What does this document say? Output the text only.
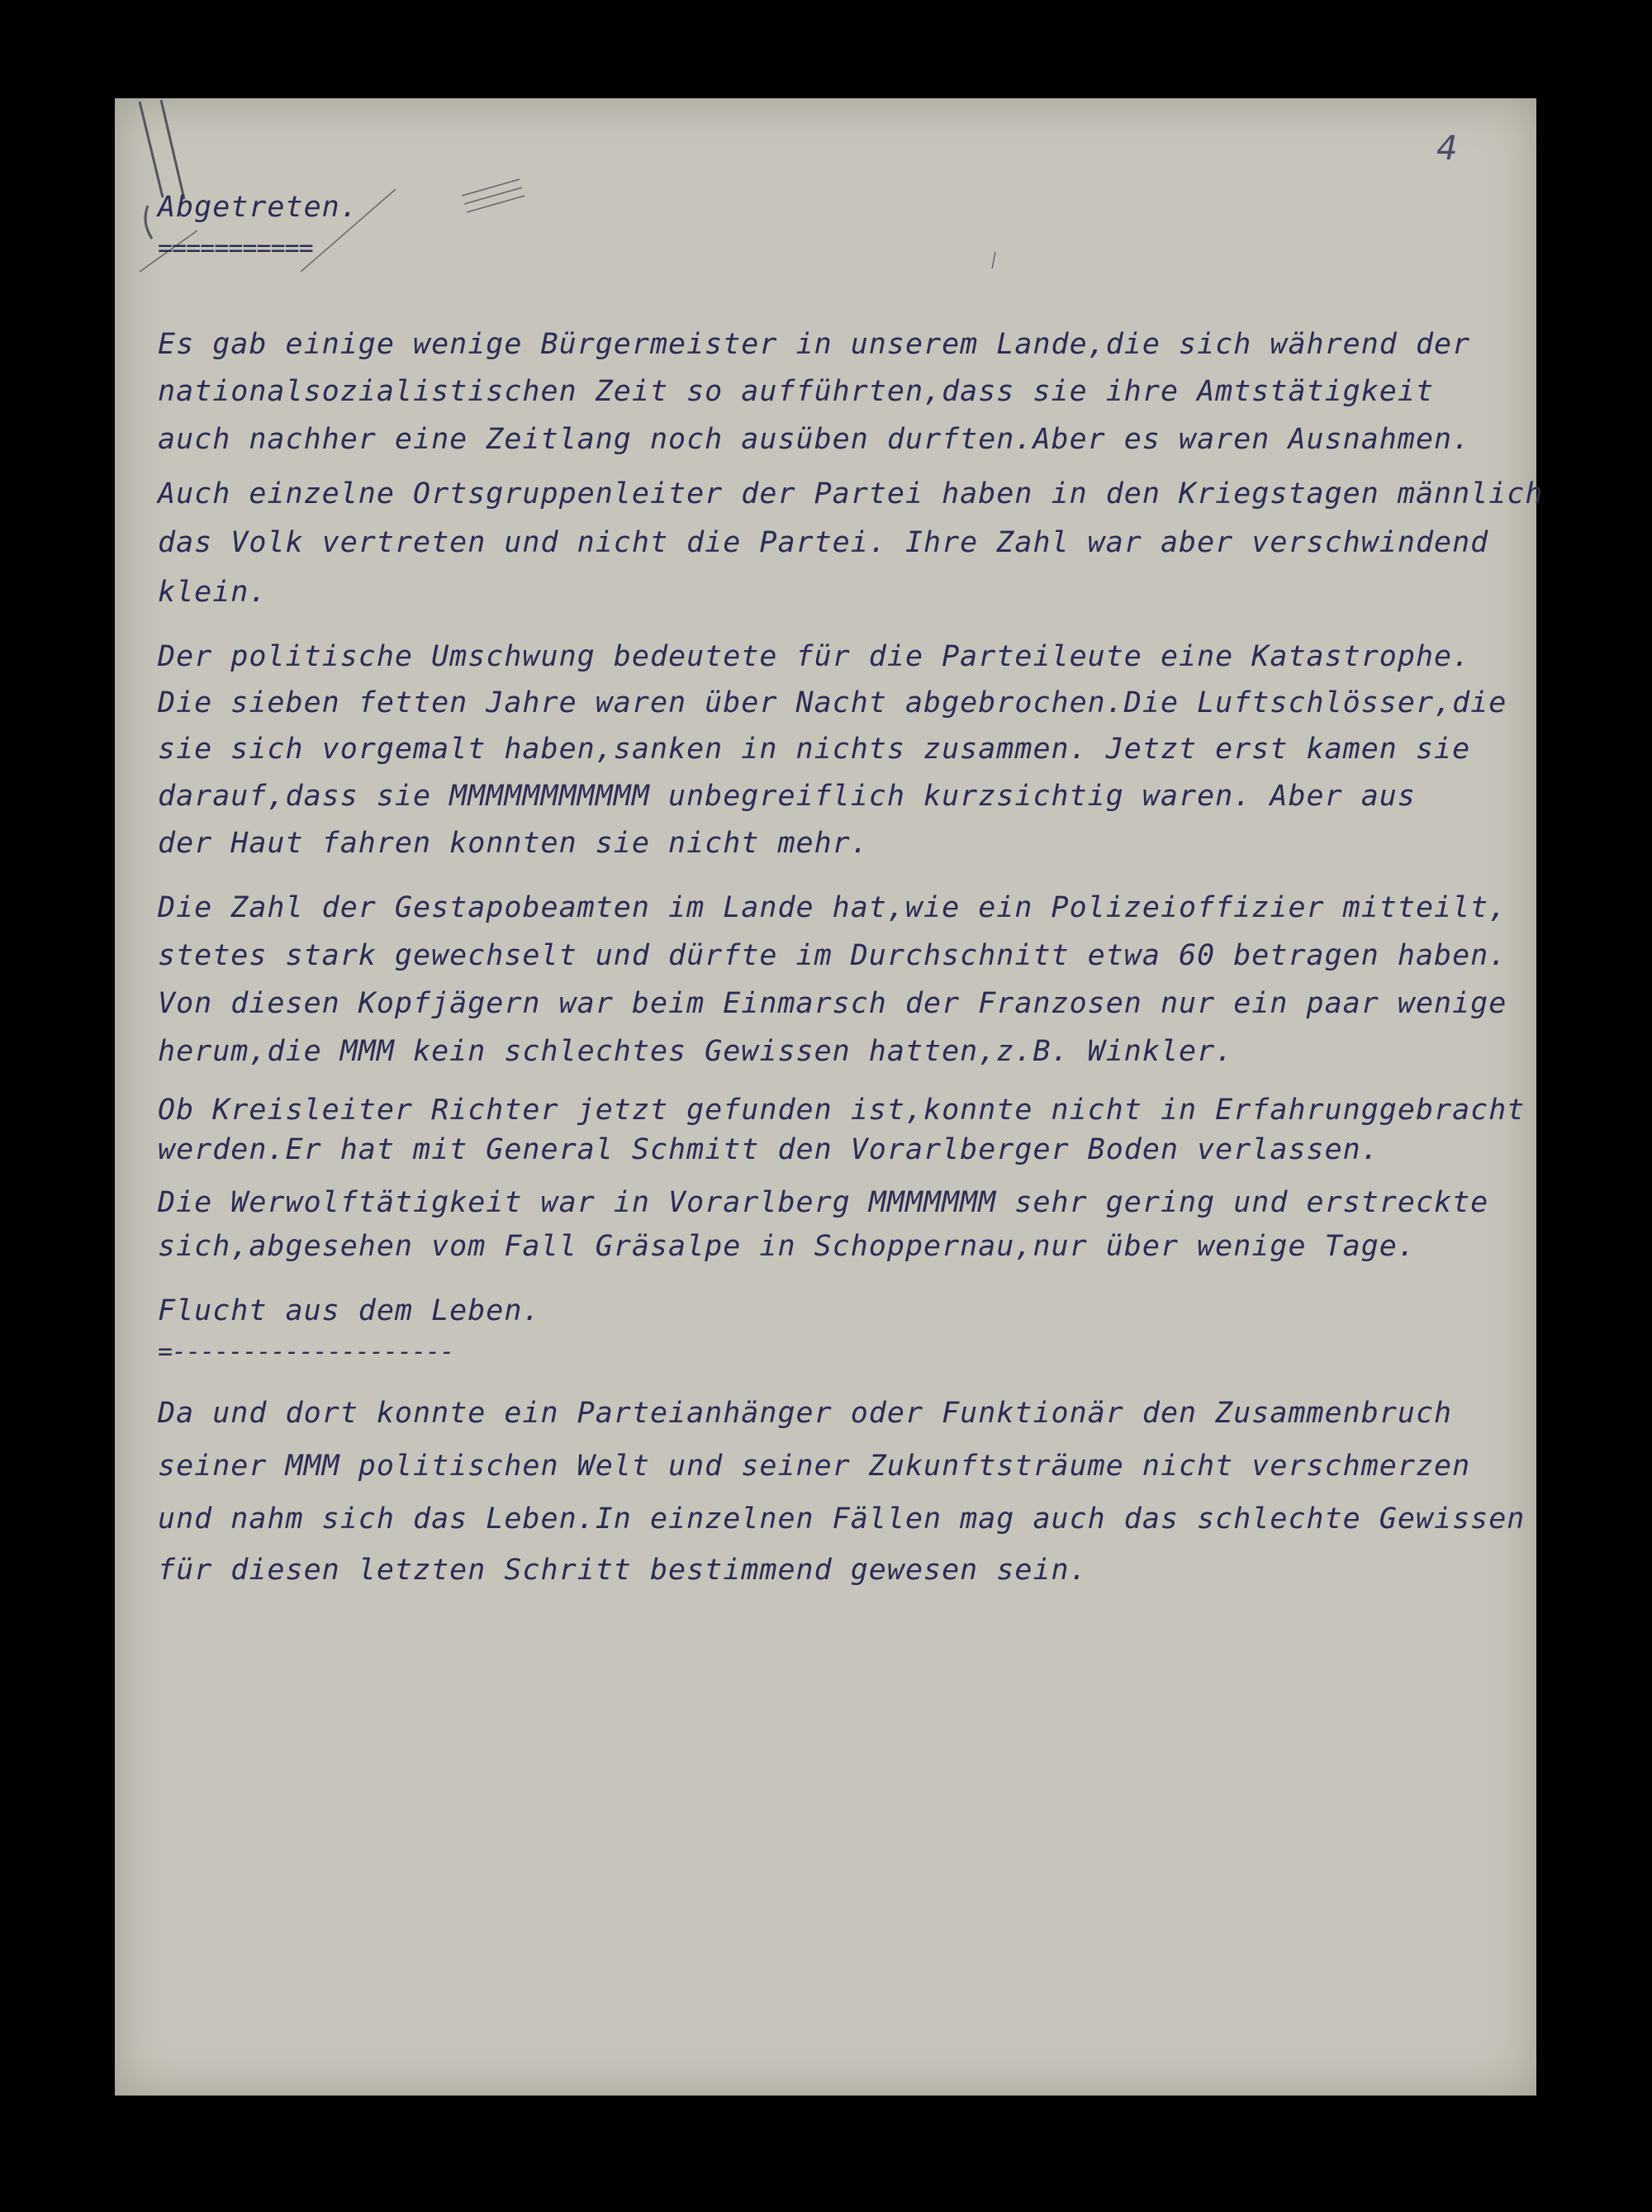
4
Abgetreten.
===========
Es gab einige wenige Bürgermeister in unserem Lande,die sich während der
nationalsozialistischen Zeit so aufführten,dass sie ihre Amtstätigkeit
auch nachher eine Zeitlang noch ausüben durften.Aber es waren Ausnahmen.
Auch einzelne Ortsgruppenleiter der Partei haben in den Kriegstagen männlich
das Volk vertreten und nicht die Partei. Ihre Zahl war aber verschwindend
klein.
Der politische Umschwung bedeutete für die Parteileute eine Katastrophe.
Die sieben fetten Jahre waren über Nacht abgebrochen.Die Luftschlösser,die
sie sich vorgemalt haben,sanken in nichts zusammen. Jetzt erst kamen sie
darauf,dass sie MMMMMMMMMMM unbegreiflich kurzsichtig waren. Aber aus
der Haut fahren konnten sie nicht mehr.
Die Zahl der Gestapobeamten im Lande hat,wie ein Polizeioffizier mitteilt,
stetes stark gewechselt und dürfte im Durchschnitt etwa 60 betragen haben.
Von diesen Kopfjägern war beim Einmarsch der Franzosen nur ein paar wenige
herum,die MMM kein schlechtes Gewissen hatten,z.B. Winkler.
Ob Kreisleiter Richter jetzt gefunden ist,konnte nicht in Erfahrunggebracht
werden.Er hat mit General Schmitt den Vorarlberger Boden verlassen.
Die Werwolftätigkeit war in Vorarlberg MMMMMMM sehr gering und erstreckte
sich,abgesehen vom Fall Gräsalpe in Schoppernau,nur über wenige Tage.
Flucht aus dem Leben.
=--------------------
Da und dort konnte ein Parteianhänger oder Funktionär den Zusammenbruch
seiner MMM politischen Welt und seiner Zukunftsträume nicht verschmerzen
und nahm sich das Leben.In einzelnen Fällen mag auch das schlechte Gewissen
für diesen letzten Schritt bestimmend gewesen sein.
